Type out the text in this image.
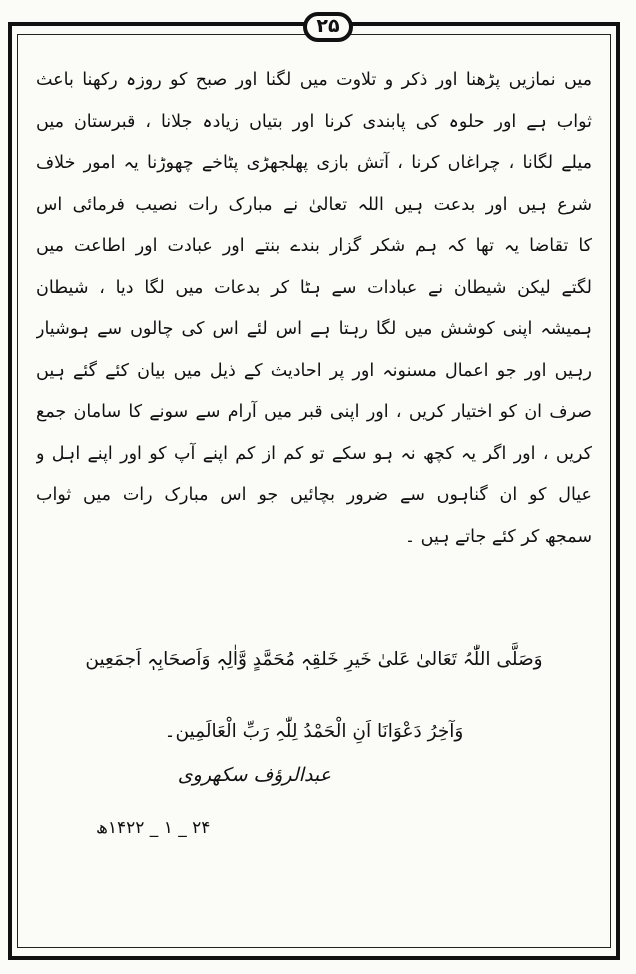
۲۵
میں نمازیں پڑھنا اور ذکر و تلاوت میں لگنا اور صبح کو روزہ رکھنا باعث
ثواب ہے اور حلوہ کی پابندی کرنا اور بتیاں زیادہ جلانا ، قبرستان میں
میلے لگانا ، چراغاں کرنا ، آتش بازی پھلجھڑی پٹاخے چھوڑنا یہ امور خلاف
شرع ہیں اور بدعت ہیں اللہ تعالیٰ نے مبارک رات نصیب فرمائی اس
کا تقاضا یہ تھا کہ ہم شکر گزار بندے بنتے اور عبادت اور اطاعت میں
لگتے لیکن شیطان نے عبادات سے ہٹا کر بدعات میں لگا دیا ، شیطان
ہمیشہ اپنی کوشش میں لگا رہتا ہے اس لئے اس کی چالوں سے ہوشیار
رہیں اور جو اعمال مسنونہ اور پر احادیث کے ذیل میں بیان کئے گئے ہیں
صرف ان کو اختیار کریں ، اور اپنی قبر میں آرام سے سونے کا سامان جمع
کریں ، اور اگر یہ کچھ نہ ہو سکے تو کم از کم اپنے آپ کو اور اپنے اہل و
عیال کو ان گناہوں سے ضرور بچائیں جو اس مبارک رات میں ثواب
سمجھ کر کئے جاتے ہیں ۔
وَصَلَّی اللّٰہُ تَعَالیٰ عَلیٰ خَیرِ خَلقِہٖ مُحَمَّدٍ وَّاٰلِہٖ وَاَصحَابِہٖ اَجمَعِین
وَآخِرُ دَعْوَانَا اَنِ الْحَمْدُ لِلّٰہِ رَبِّ الْعَالَمِین۔
عبدالرؤف سکھروی
۲۴ _ ۱ _ ۱۴۲۲ھ
